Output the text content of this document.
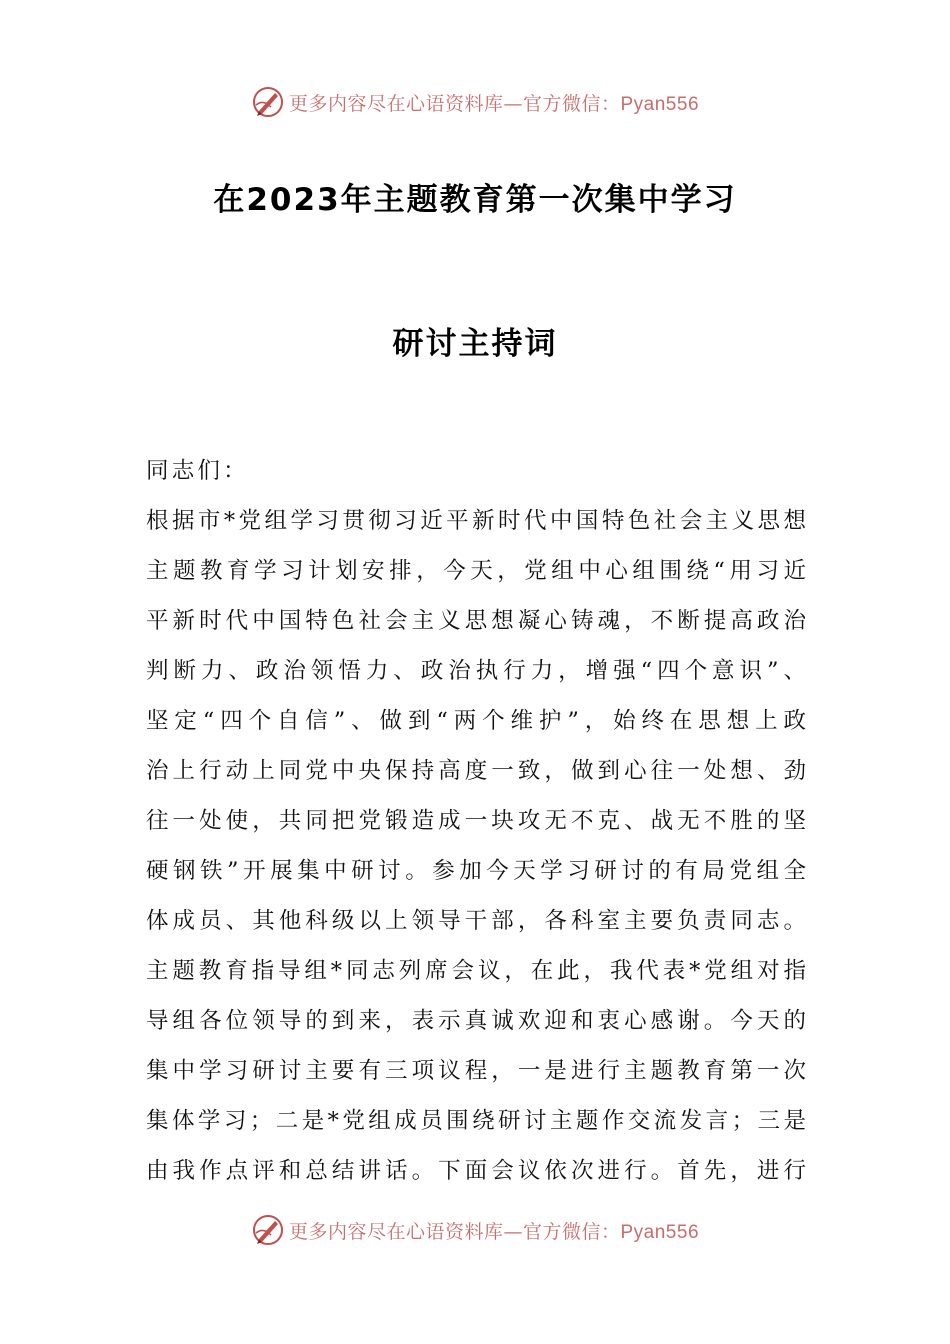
更多内容尽在心语资料库—官方微信：Pyan556
在2023年主题教育第一次集中学习
研讨主持词
同志们：
根据市*党组学习贯彻习近平新时代中国特色社会主义思想
主题教育学习计划安排，今天，党组中心组围绕“用习近
平新时代中国特色社会主义思想凝心铸魂，不断提高政治
判断力、政治领悟力、政治执行力，增强“四个意识”、
坚定“四个自信”、做到“两个维护”，始终在思想上政
治上行动上同党中央保持高度一致，做到心往一处想、劲
往一处使，共同把党锻造成一块攻无不克、战无不胜的坚
硬钢铁”开展集中研讨。参加今天学习研讨的有局党组全
体成员、其他科级以上领导干部，各科室主要负责同志。
主题教育指导组*同志列席会议，在此，我代表*党组对指
导组各位领导的到来，表示真诚欢迎和衷心感谢。今天的
集中学习研讨主要有三项议程，一是进行主题教育第一次
集体学习；二是*党组成员围绕研讨主题作交流发言；三是
由我作点评和总结讲话。下面会议依次进行。首先，进行
更多内容尽在心语资料库—官方微信：Pyan556
